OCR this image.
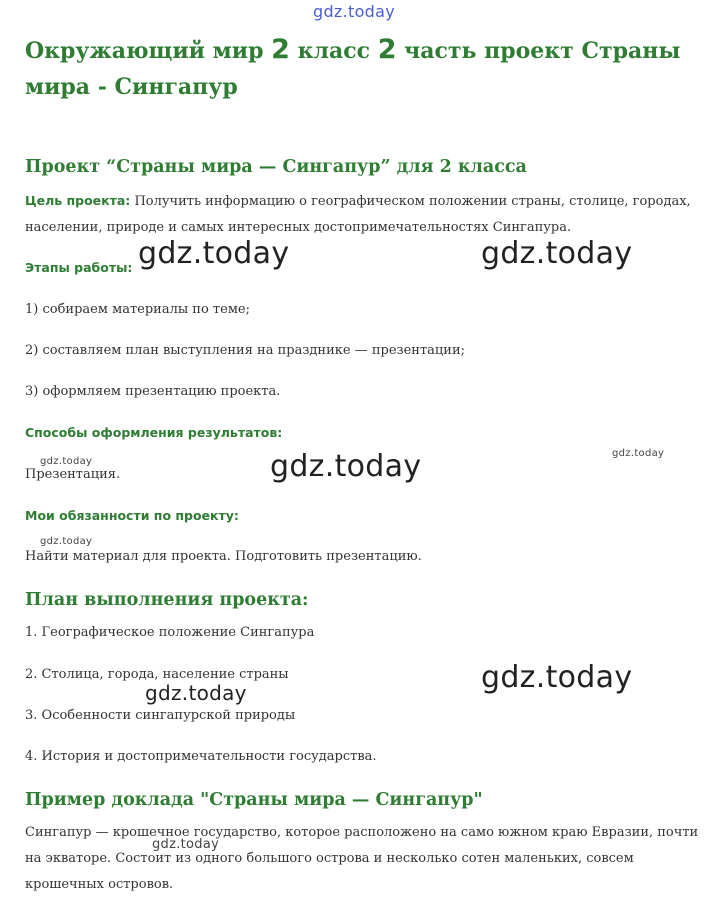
Окружающий мир 2 класс 2 часть проект Страны мира - Сингапур
Проект “Страны мира — Сингапур” для 2 класса

Цель проекта: Получить информацию о географическом положении страны, столице, городах, населении, природе и самых интересных достопримечательностях Сингапура.

Этапы работы:

1) собираем материалы по теме;

2) составляем план выступления на празднике — презентации;

3) оформляем презентацию проекта.

Способы оформления результатов:

Презентация.

Мои обязанности по проекту:

Найти материал для проекта. Подготовить презентацию.

План выполнения проекта:

1. Географическое положение Сингапура

2. Столица, города, население страны

3. Особенности сингапурской природы

4. История и достопримечательности государства.

Пример доклада "Страны мира — Сингапур"

Сингапур — крошечное государство, которое расположено на само южном краю Евразии, почти на экваторе. Состоит из одного большого острова и несколько сотен маленьких, совсем крошечных островов.

gdz.today
gdz.today	gdz.today
gdz.today
gdz.today
gdz.today
gdz.today
gdz.today	gdz.today
gdz.today
